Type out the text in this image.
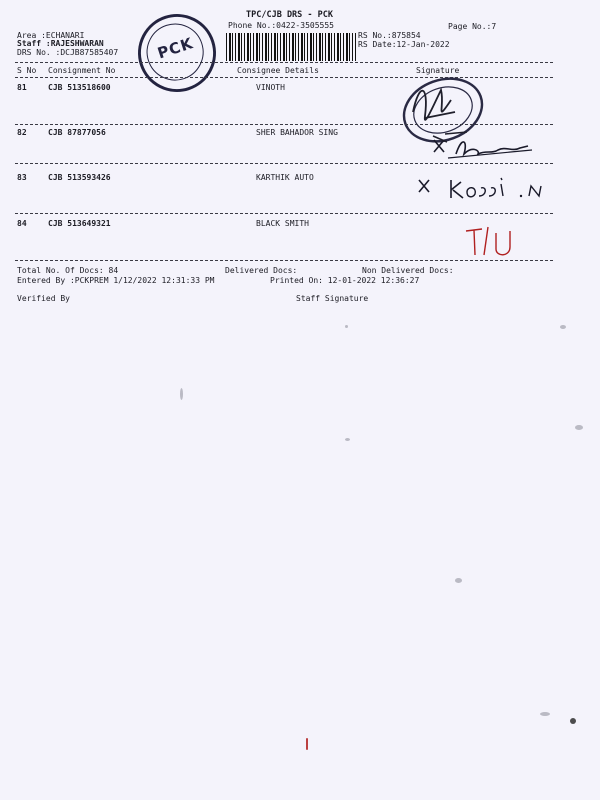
TPC/CJB DRS - PCK
Phone No.:0422-3505555	Page No.:7
Area :ECHANARI
Staff :RAJESHWARAN
DRS No. :DCJB87585407
RS No.:875854
RS Date:12-Jan-2022
PCK
S No Consignment No	Consignee Details	Signature
81	CJB 513518600	VINOTH
82	CJB 87877056	SHER BAHADOR SING
83	CJB 513593426	KARTHIK AUTO
84	CJB 513649321	BLACK SMITH
Total No. Of Docs: 84	Delivered Docs:	Non Delivered Docs:
Entered By :PCKPREM 1/12/2022 12:31:33 PM	Printed On: 12-01-2022 12:36:27
Verified By	Staff Signature
